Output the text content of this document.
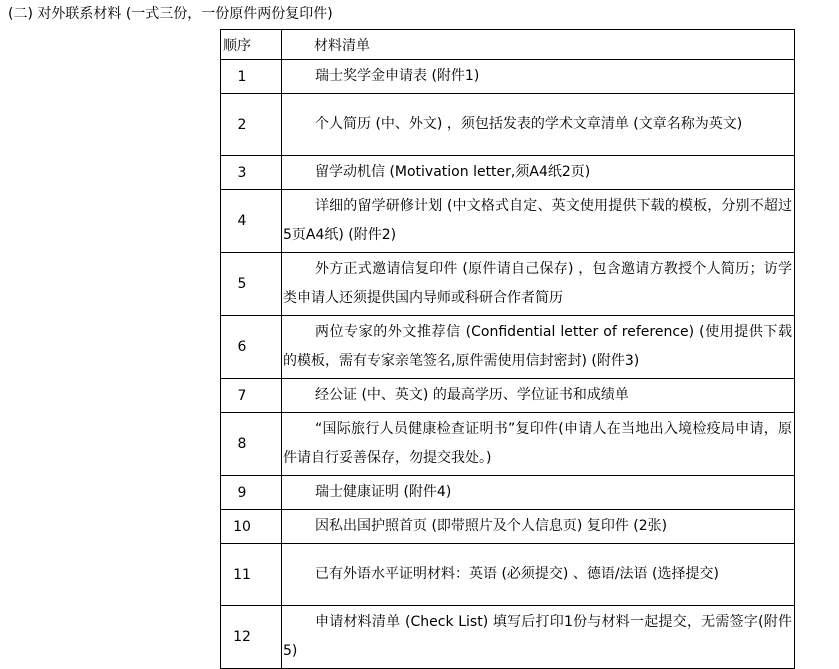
(二) 对外联系材料 (一式三份，一份原件两份复印件)
顺序	材料清单
1	瑞士奖学金申请表 (附件1)

2	个人简历 (中、外文) ，须包括发表的学术文章清单 (文章名称为英文)

3	留学动机信 (Motivation letter,须A4纸2页)

4	详细的留学研修计划 (中文格式自定、英文使用提供下载的模板，分别不超过5页A4纸) (附件2)

5	外方正式邀请信复印件 (原件请自己保存) ，包含邀请方教授个人简历；访学类申请人还须提供国内导师或科研合作者简历

6	两位专家的外文推荐信 (Confidential letter of reference) (使用提供下载的模板，需有专家亲笔签名,原件需使用信封密封) (附件3)

7	经公证 (中、英文) 的最高学历、学位证书和成绩单

8	“国际旅行人员健康检查证明书”复印件(申请人在当地出入境检疫局申请，原件请自行妥善保存，勿提交我处。)

9	瑞士健康证明 (附件4)

10	因私出国护照首页 (即带照片及个人信息页) 复印件 (2张)

11	已有外语水平证明材料：英语 (必须提交) 、德语/法语 (选择提交)

12	申请材料清单 (Check List) 填写后打印1份与材料一起提交，无需签字(附件5)
